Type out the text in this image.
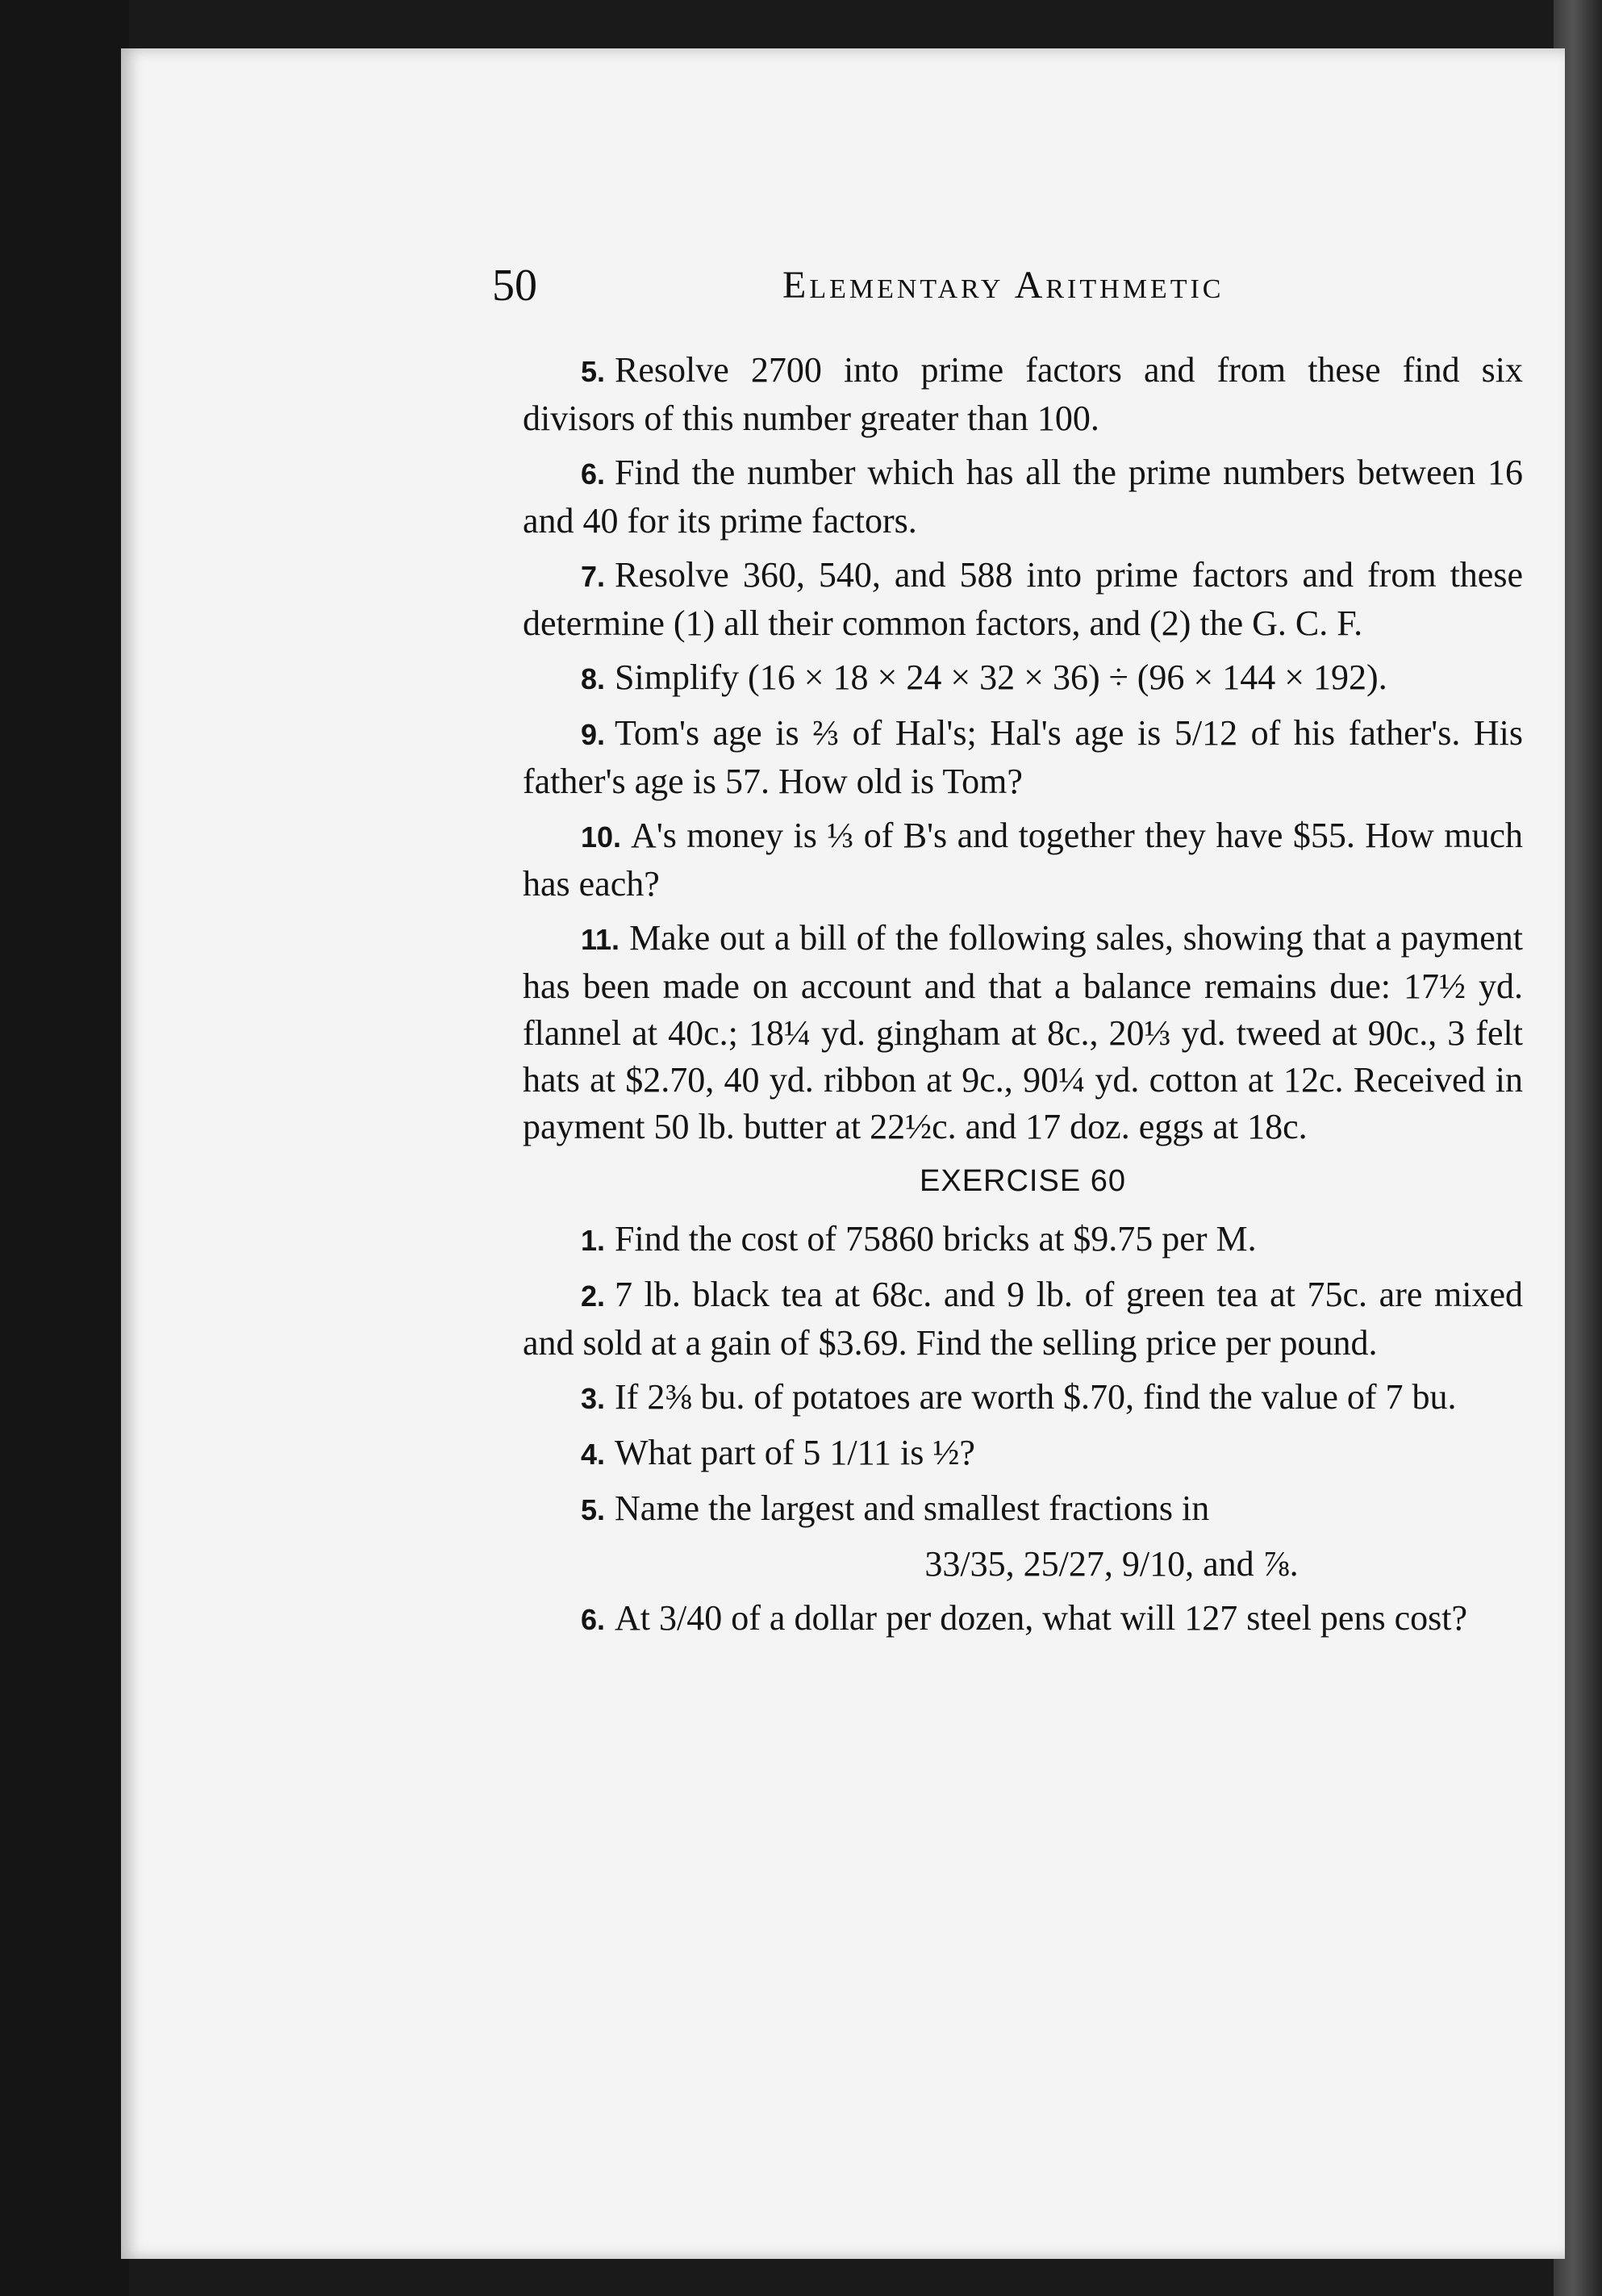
50	Elementary Arithmetic

5. Resolve 2700 into prime factors and from these find six divisors of this number greater than 100.

6. Find the number which has all the prime numbers between 16 and 40 for its prime factors.

7. Resolve 360, 540, and 588 into prime factors and from these determine (1) all their common factors, and (2) the G. C. F.

8. Simplify (16 × 18 × 24 × 32 × 36) ÷ (96 × 144 × 192).

9. Tom's age is ⅔ of Hal's; Hal's age is 5/12 of his father's. His father's age is 57. How old is Tom?

10. A's money is ⅓ of B's and together they have $55. How much has each?

11. Make out a bill of the following sales, showing that a payment has been made on account and that a balance remains due: 17½ yd. flannel at 40c.; 18¼ yd. gingham at 8c., 20⅓ yd. tweed at 90c., 3 felt hats at $2.70, 40 yd. ribbon at 9c., 90¼ yd. cotton at 12c. Received in payment 50 lb. butter at 22½c. and 17 doz. eggs at 18c.

EXERCISE 60

1. Find the cost of 75860 bricks at $9.75 per M.

2. 7 lb. black tea at 68c. and 9 lb. of green tea at 75c. are mixed and sold at a gain of $3.69. Find the selling price per pound.

3. If 2⅜ bu. of potatoes are worth $.70, find the value of 7 bu.

4. What part of 5 1/11 is ½?

5. Name the largest and smallest fractions in

33/35, 25/27, 9/10, and ⅞.

6. At 3/40 of a dollar per dozen, what will 127 steel pens cost?
